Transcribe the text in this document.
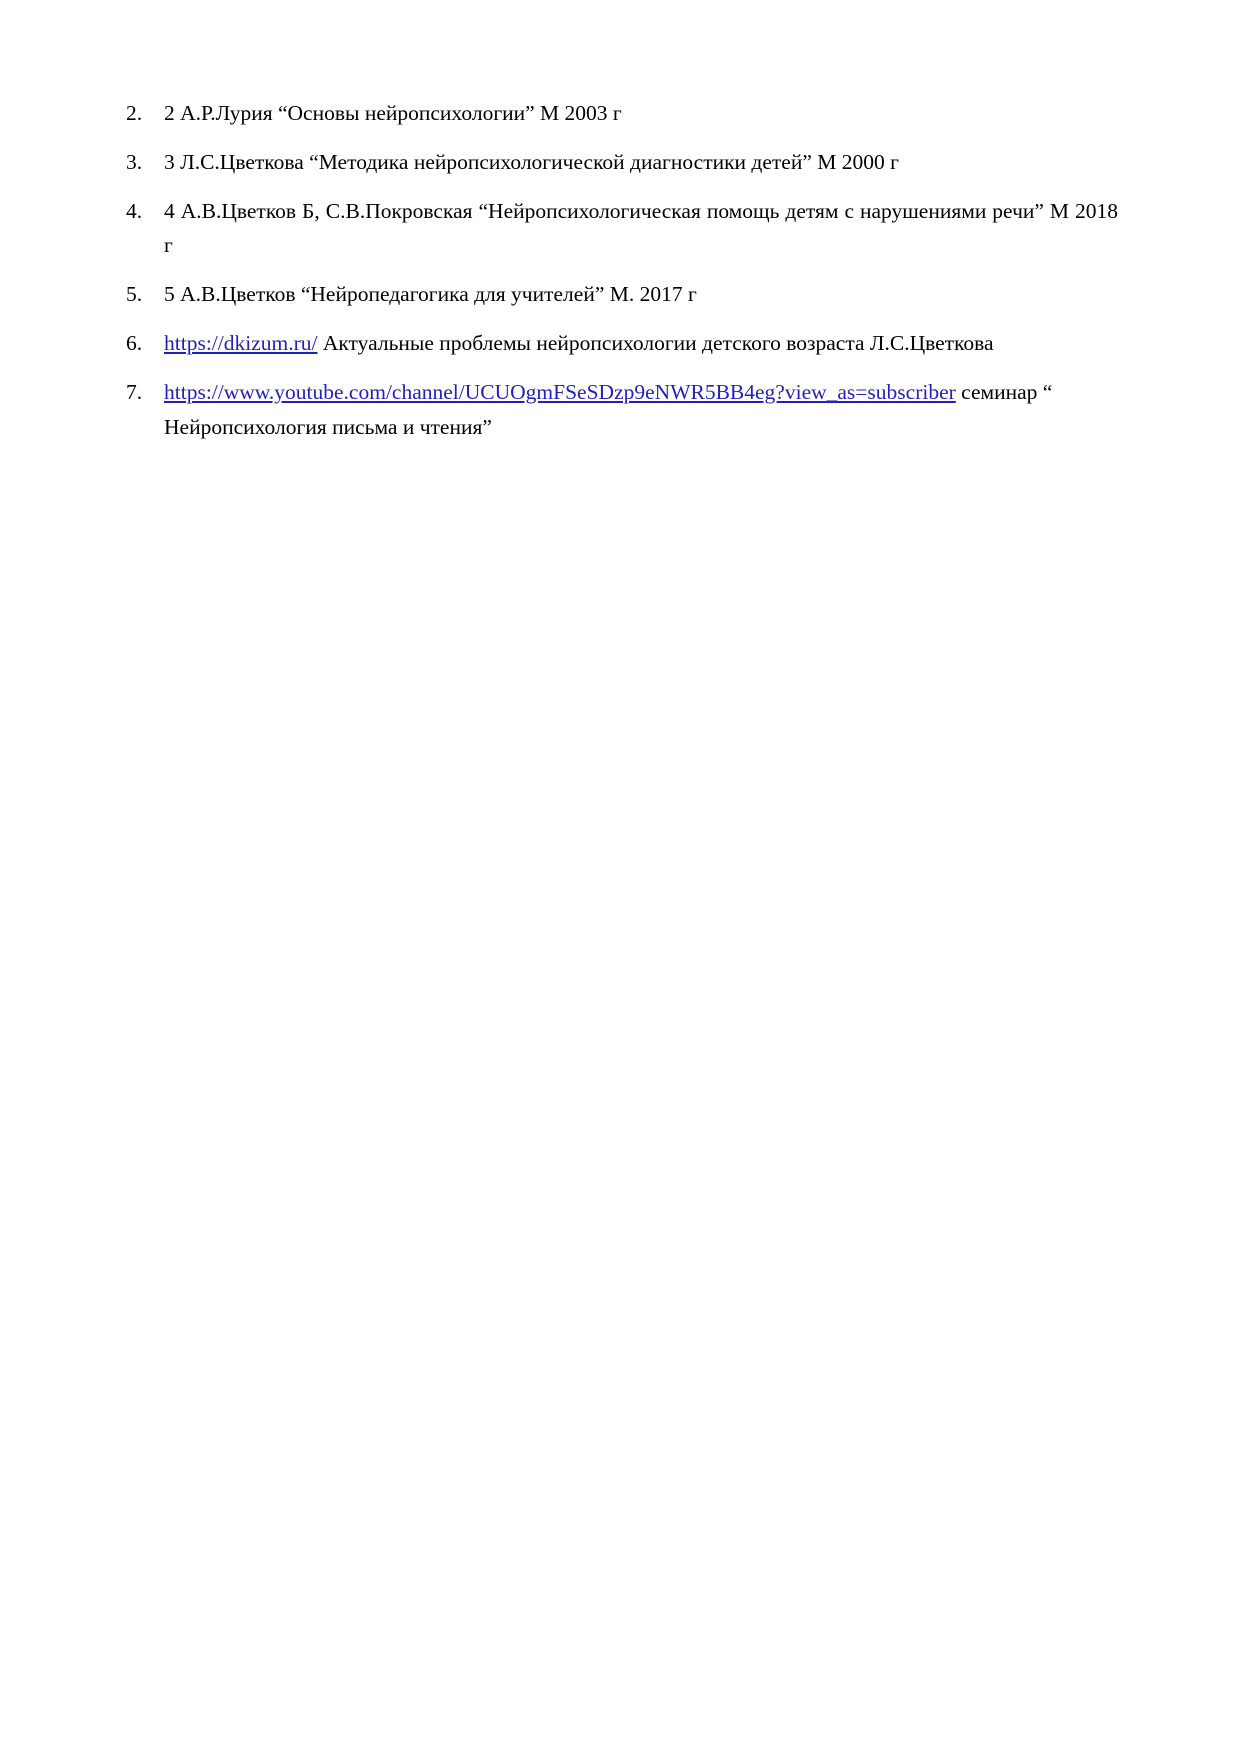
2.	2 А.Р.Лурия “Основы нейропсихологии” М 2003 г
3.	3 Л.С.Цветкова “Методика нейропсихологической диагностики детей” М 2000 г
4.	4 А.В.Цветков Б, С.В.Покровская “Нейропсихологическая помощь детям с нарушениями речи” М 2018 г
5.	5 А.В.Цветков “Нейропедагогика для учителей” М. 2017 г
6.	https://dkizum.ru/ Актуальные проблемы нейропсихологии детского возраста Л.С.Цветкова
7.	https://www.youtube.com/channel/UCUOgmFSeSDzp9eNWR5BB4eg?view_as=subscriber семинар “ Нейропсихология письма и чтения”
